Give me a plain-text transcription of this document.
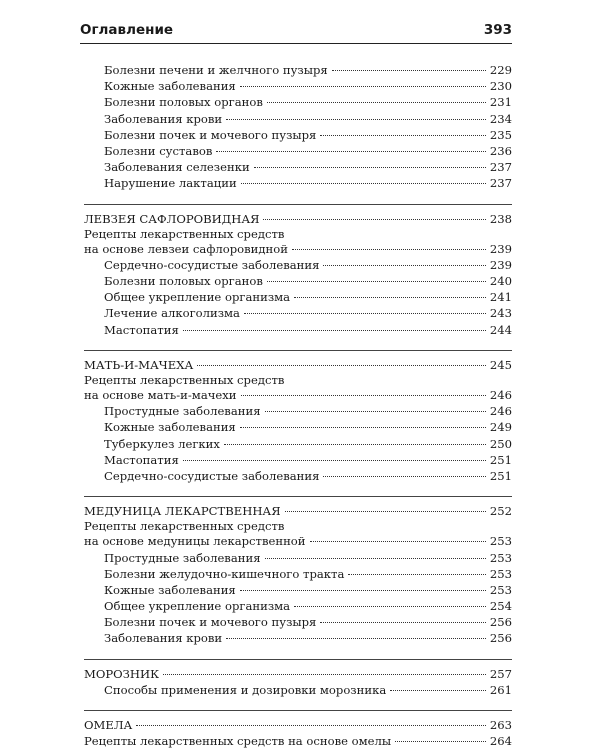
Оглавление	393
Болезни печени и желчного пузыря	229
Кожные заболевания	230
Болезни половых органов	231
Заболевания крови	234
Болезни почек и мочевого пузыря	235
Болезни суставов	236
Заболевания селезенки	237
Нарушение лактации	237
ЛЕВЗЕЯ САФЛОРОВИДНАЯ	238
Рецепты лекарственных средств
на основе левзеи сафлоровидной	239
Сердечно-сосудистые заболевания	239
Болезни половых органов	240
Общее укрепление организма	241
Лечение алкоголизма	243
Мастопатия	244
МАТЬ-И-МАЧЕХА	245
Рецепты лекарственных средств
на основе мать-и-мачехи	246
Простудные заболевания	246
Кожные заболевания	249
Туберкулез легких	250
Мастопатия	251
Сердечно-сосудистые заболевания	251
МЕДУНИЦА ЛЕКАРСТВЕННАЯ	252
Рецепты лекарственных средств
на основе медуницы лекарственной	253
Простудные заболевания	253
Болезни желудочно-кишечного тракта	253
Кожные заболевания	253
Общее укрепление организма	254
Болезни почек и мочевого пузыря	256
Заболевания крови	256
МОРОЗНИК	257
Способы применения и дозировки морозника	261
ОМЕЛА	263
Рецепты лекарственных средств на основе омелы	264
